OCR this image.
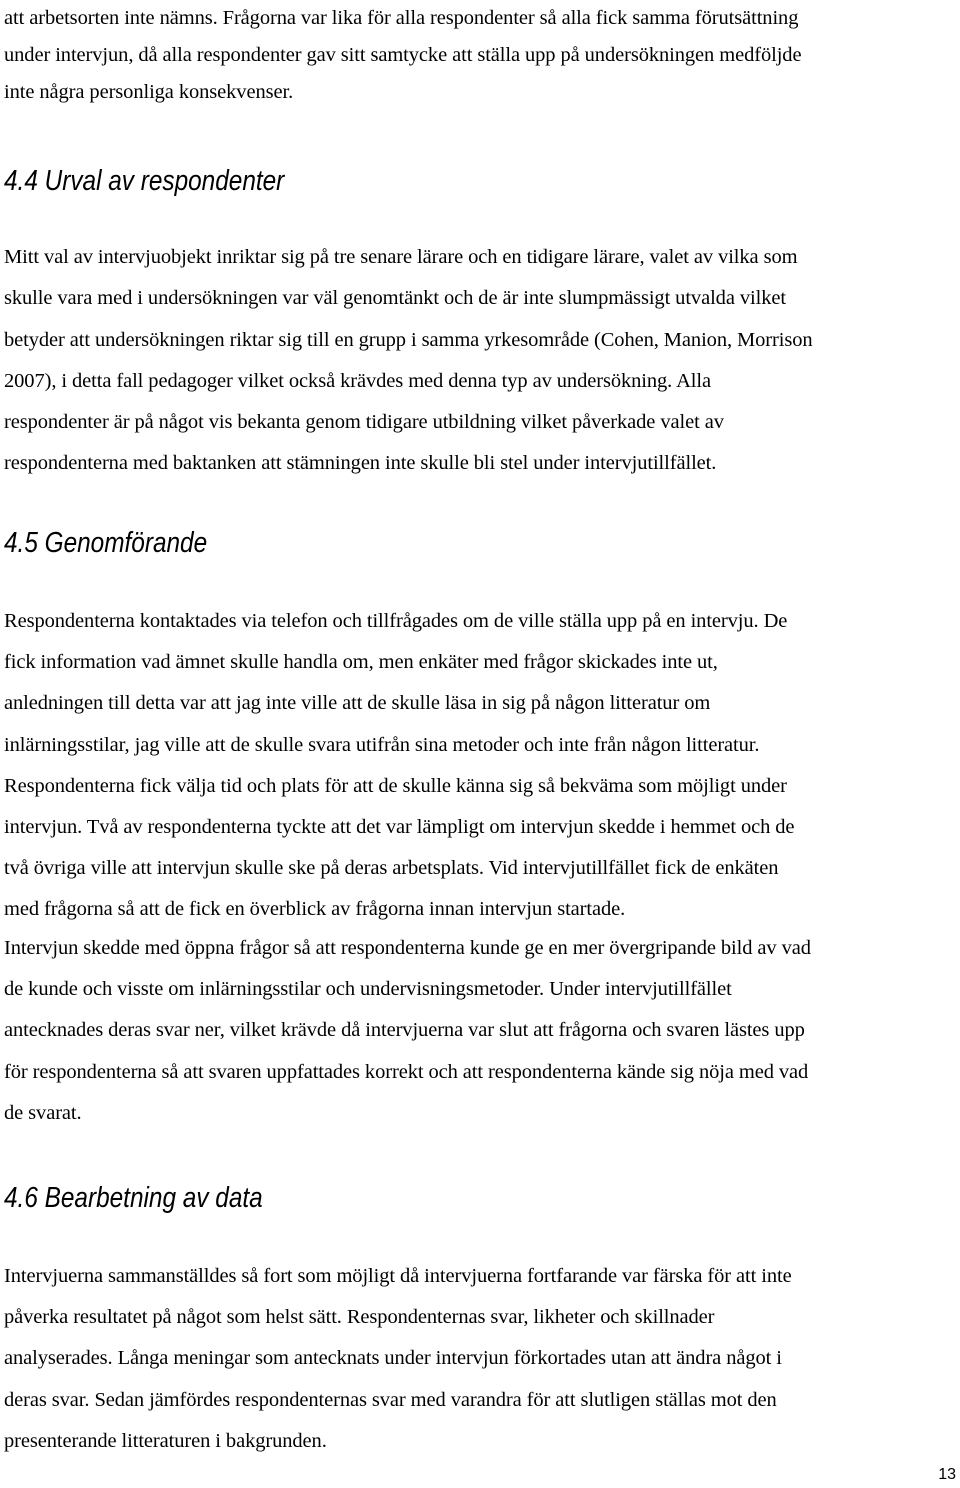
att arbetsorten inte nämns. Frågorna var lika för alla respondenter så alla fick samma förutsättning
under intervjun, då alla respondenter gav sitt samtycke att ställa upp på undersökningen medföljde
inte några personliga konsekvenser.

4.4 Urval av respondenter

Mitt val av intervjuobjekt inriktar sig på tre senare lärare och en tidigare lärare, valet av vilka som
skulle vara med i undersökningen var väl genomtänkt och de är inte slumpmässigt utvalda vilket
betyder att undersökningen riktar sig till en grupp i samma yrkesområde (Cohen, Manion, Morrison
2007), i detta fall pedagoger vilket också krävdes med denna typ av undersökning. Alla
respondenter är på något vis bekanta genom tidigare utbildning vilket påverkade valet av
respondenterna med baktanken att stämningen inte skulle bli stel under intervjutillfället.

4.5 Genomförande

Respondenterna kontaktades via telefon och tillfrågades om de ville ställa upp på en intervju. De
fick information vad ämnet skulle handla om, men enkäter med frågor skickades inte ut,
anledningen till detta var att jag inte ville att de skulle läsa in sig på någon litteratur om
inlärningsstilar, jag ville att de skulle svara utifrån sina metoder och inte från någon litteratur.
Respondenterna fick välja tid och plats för att de skulle känna sig så bekväma som möjligt under
intervjun. Två av respondenterna tyckte att det var lämpligt om intervjun skedde i hemmet och de
två övriga ville att intervjun skulle ske på deras arbetsplats. Vid intervjutillfället fick de enkäten
med frågorna så att de fick en överblick av frågorna innan intervjun startade.

Intervjun skedde med öppna frågor så att respondenterna kunde ge en mer övergripande bild av vad
de kunde och visste om inlärningsstilar och undervisningsmetoder. Under intervjutillfället
antecknades deras svar ner, vilket krävde då intervjuerna var slut att frågorna och svaren lästes upp
för respondenterna så att svaren uppfattades korrekt och att respondenterna kände sig nöja med vad
de svarat.

4.6 Bearbetning av data

Intervjuerna sammanställdes så fort som möjligt då intervjuerna fortfarande var färska för att inte
påverka resultatet på något som helst sätt. Respondenternas svar, likheter och skillnader
analyserades. Långa meningar som antecknats under intervjun förkortades utan att ändra något i
deras svar. Sedan jämfördes respondenternas svar med varandra för att slutligen ställas mot den
presenterande litteraturen i bakgrunden.

13
